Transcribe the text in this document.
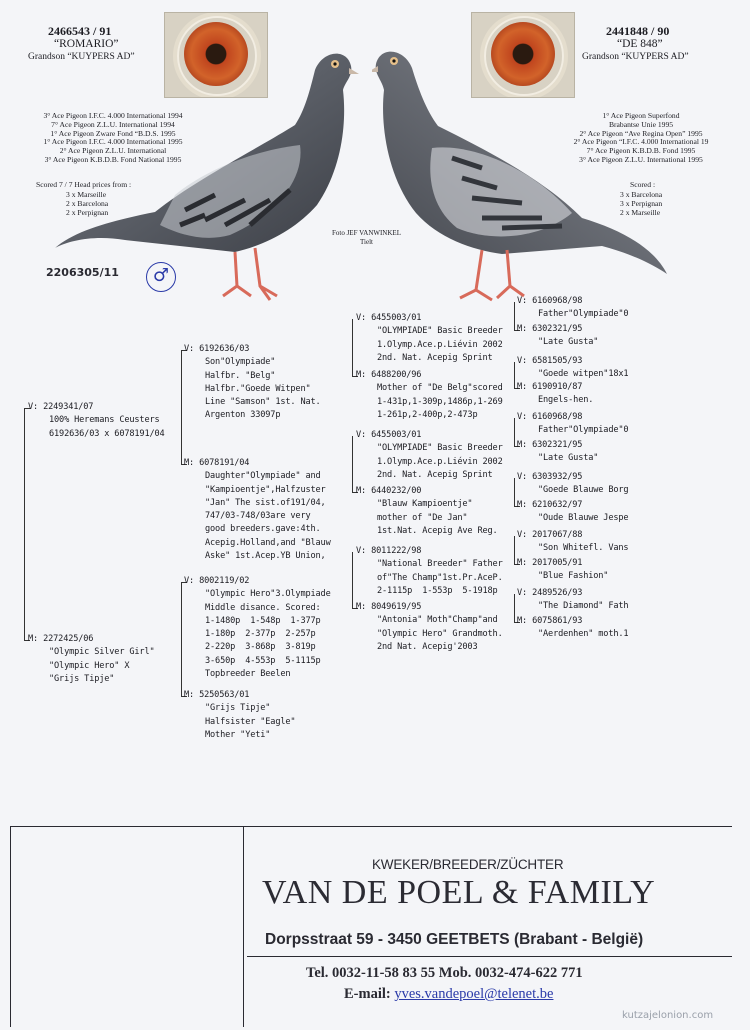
2466543 / 91
“ROMARIO”
Grandson “KUYPERS AD”
3° Ace Pigeon I.F.C. 4.000 International 1994
7° Ace Pigeon Z.L.U. International 1994
1° Ace Pigeon Zware Fond “B.D.S. 1995
1° Ace Pigeon I.F.C. 4.000 International 1995
2° Ace Pigeon Z.L.U. International
3° Ace Pigeon K.B.D.B. Fond National 1995
Scored 7 / 7 Head prices from :
3 x Marseille
2 x Barcelona
2 x Perpignan
2441848 / 90
“DE 848”
Grandson “KUYPERS AD”
1° Ace Pigeon Superfond
Brabantse Unie 1995
2° Ace Pigeon “Ave Regina Open” 1995
2° Ace Pigeon “I.F.C. 4.000 International 19
7° Ace Pigeon K.B.D.B. Fond 1995
3° Ace Pigeon Z.L.U. International 1995
Scored :
3 x Barcelona
3 x Perpignan
2 x Marseille
Foto JEF VANWINKEL
Tielt
2206305/11	♂
V: 2249341/07

100% Heremans Ceusters
6192636/03 x 6078191/04
M: 2272425/06

"Olympic Silver Girl"
"Olympic Hero" X
"Grijs Tipje"
V: 6192636/03

Son"Olympiade"
Halfbr. "Belg"
Halfbr."Goede Witpen"
Line "Samson" 1st. Nat.
Argenton 33097p
M: 6078191/04

Daughter"Olympiade" and
"Kampioentje",Halfzuster
"Jan" The sist.of191/04,
747/03-748/03are very
good breeders.gave:4th.
Acepig.Holland,and "Blauw
Aske" 1st.Acep.YB Union,
V: 8002119/02

"Olympic Hero"3.Olympiade
Middle disance. Scored:
1-1480p  1-548p  1-377p
1-180p  2-377p  2-257p
2-220p  3-868p  3-819p
3-650p  4-553p  5-1115p
Topbreeder Beelen
M: 5250563/01

"Grijs Tipje"
Halfsister "Eagle"
Mother "Yeti"
V: 6455003/01

"OLYMPIADE" Basic Breeder
1.Olymp.Ace.p.Liévin 2002
2nd. Nat. Acepig Sprint
M: 6488200/96

Mother of "De Belg"scored
1-431p,1-309p,1486p,1-269
1-261p,2-400p,2-473p
V: 6455003/01

"OLYMPIADE" Basic Breeder
1.Olymp.Ace.p.Liévin 2002
2nd. Nat. Acepig Sprint
M: 6440232/00

"Blauw Kampioentje"
mother of "De Jan"
1st.Nat. Acepig Ave Reg.
V: 8011222/98

"National Breeder" Father
of"The Champ"1st.Pr.AceP.
2-1115p  1-553p  5-1918p
M: 8049619/95

"Antonia" Moth"Champ"and
"Olympic Hero" Grandmoth.
2nd Nat. Acepig'2003
V: 6160968/98
Father"Olympiade"0
M: 6302321/95
"Late Gusta"
V: 6581505/93
"Goede witpen"18x1
M: 6190910/87
Engels-hen.
V: 6160968/98
Father"Olympiade"0
M: 6302321/95
"Late Gusta"
V: 6303932/95
"Goede Blauwe Borg
M: 6210632/97
"Oude Blauwe Jespe
V: 2017067/88
"Son Whitefl. Vans
M: 2017005/91
"Blue Fashion"
V: 2489526/93
"The Diamond" Fath
M: 6075861/93
"Aerdenhen" moth.1
KWEKER/BREEDER/ZÜCHTER
VAN DE POEL & FAMILY
Dorpsstraat 59 - 3450 GEETBETS (Brabant - België)
Tel. 0032-11-58 83 55 Mob. 0032-474-622 771
E-mail: yves.vandepoel@telenet.be
kutzajelonion.com
